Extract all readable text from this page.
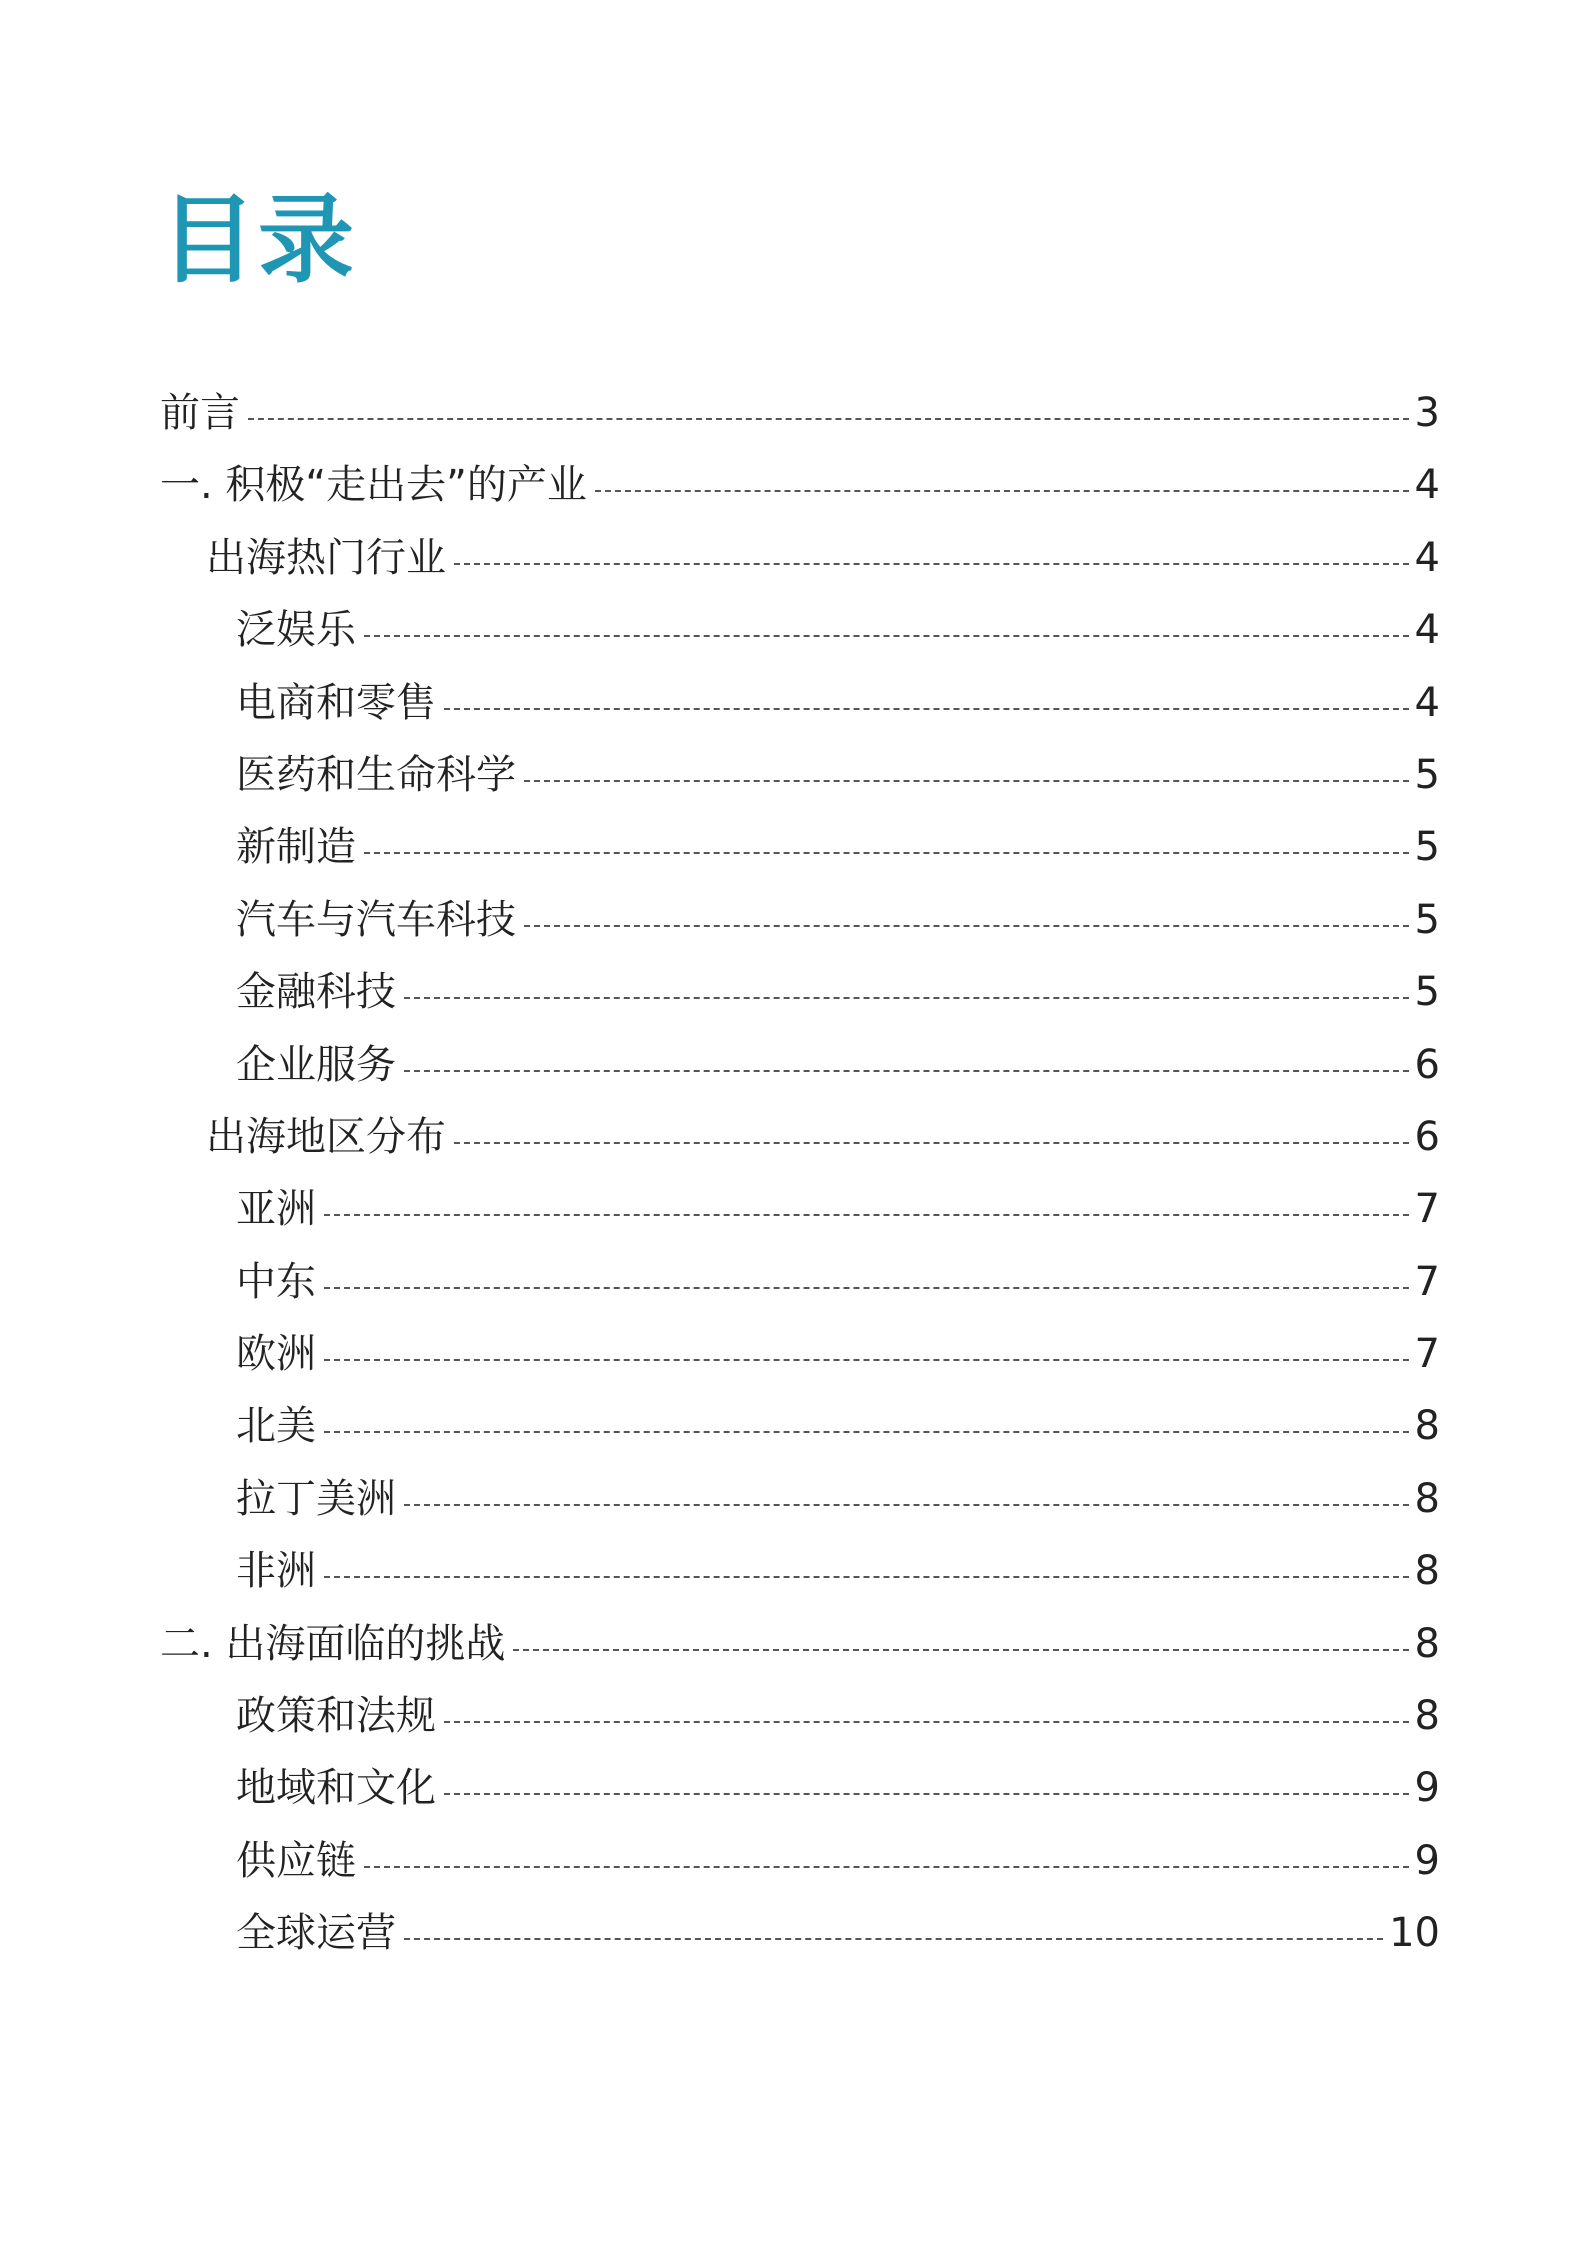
目录
前言	3
一. 积极“走出去”的产业	4
出海热门行业	4
泛娱乐	4
电商和零售	4
医药和生命科学	5
新制造	5
汽车与汽车科技	5
金融科技	5
企业服务	6
出海地区分布	6
亚洲	7
中东	7
欧洲	7
北美	8
拉丁美洲	8
非洲	8
二. 出海面临的挑战	8
政策和法规	8
地域和文化	9
供应链	9
全球运营	10
